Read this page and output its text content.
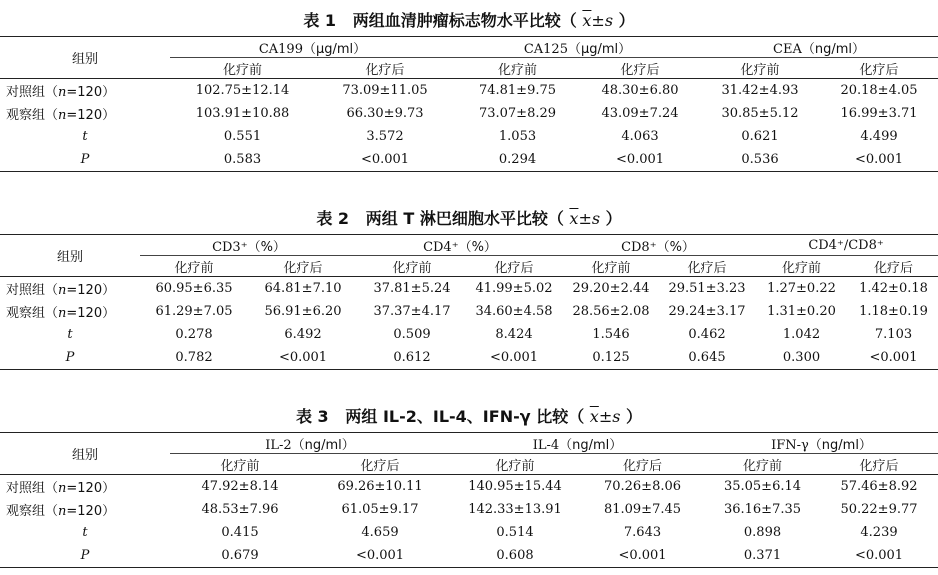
表 1 两组血清肿瘤标志物水平比较（ $\overline{x}\pm s$ ）
组别	CA199（μg/ml）		CA125（μg/ml）		CEA（ng/ml）	
	化疗前	化疗后	化疗前	化疗后	化疗前	化疗后
对照组（n=120）	102.75±12.14	73.09±11.05	74.81±9.75	48.30±6.80	31.42±4.93	20.18±4.05
观察组（n=120）	103.91±10.88	66.30±9.73	73.07±8.29	43.09±7.24	30.85±5.12	16.99±3.71
t	0.551	3.572	1.053	4.063	0.621	4.499
P	0.583	<0.001	0.294	<0.001	0.536	<0.001
表 2 两组 T 淋巴细胞水平比较（ $\overline{x}\pm s$ ）
组别	CD3⁺（%）		CD4⁺（%）		CD8⁺（%）		CD4⁺/CD8⁺	
	化疗前	化疗后	化疗前	化疗后	化疗前	化疗后	化疗前	化疗后
对照组（n=120）	60.95±6.35	64.81±7.10	37.81±5.24	41.99±5.02	29.20±2.44	29.51±3.23	1.27±0.22	1.42±0.18
观察组（n=120）	61.29±7.05	56.91±6.20	37.37±4.17	34.60±4.58	28.56±2.08	29.24±3.17	1.31±0.20	1.18±0.19
t	0.278	6.492	0.509	8.424	1.546	0.462	1.042	7.103
P	0.782	<0.001	0.612	<0.001	0.125	0.645	0.300	<0.001
表 3 两组 IL-2、IL-4、IFN-γ 比较（ $\overline{x}\pm s$ ）
组别	IL-2（ng/ml）		IL-4（ng/ml）		IFN-γ（ng/ml）	
	化疗前	化疗后	化疗前	化疗后	化疗前	化疗后
对照组（n=120）	47.92±8.14	69.26±10.11	140.95±15.44	70.26±8.06	35.05±6.14	57.46±8.92
观察组（n=120）	48.53±7.96	61.05±9.17	142.33±13.91	81.09±7.45	36.16±7.35	50.22±9.77
t	0.415	4.659	0.514	7.643	0.898	4.239
P	0.679	<0.001	0.608	<0.001	0.371	<0.001
